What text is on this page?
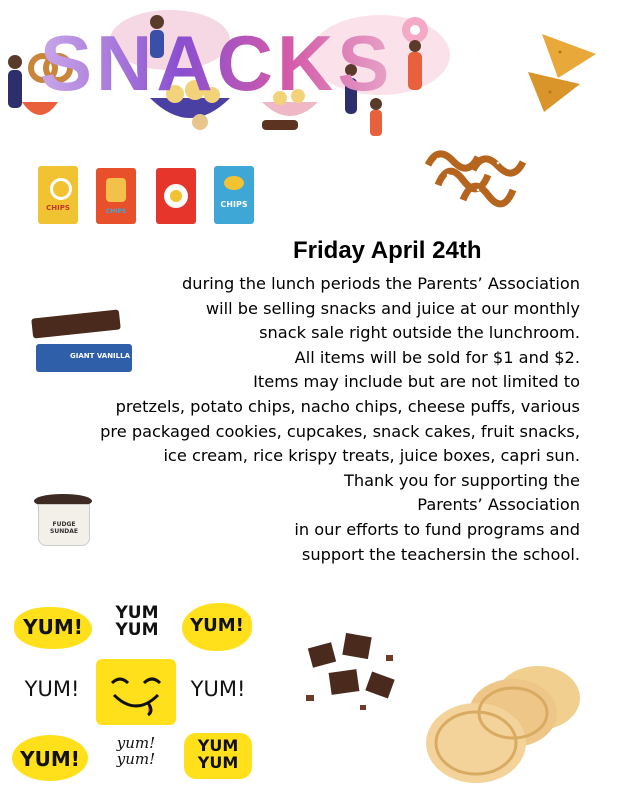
SNACKS
CHIPS	CHIPS
CHIPS
GIANT VANILLA
FUDGE SUNDAE
Friday April 24th
during the lunch periods the Parents’ Association
will be selling snacks and juice at our monthly
snack sale right outside the lunchroom.
All items will be sold for $1 and $2.
Items may include but are not limited to
pretzels, potato chips, nacho chips, cheese puffs, various
pre packaged cookies, cupcakes, snack cakes, fruit snacks,
ice cream, rice krispy treats, juice boxes, capri sun.
Thank you for supporting the
Parents’ Association
in our efforts to fund programs and
support the teachersin the school.
YUM!
YUM
YUM	YUM!
YUM!	YUM!
YUM!
yum!
yum!
YUM
YUM
